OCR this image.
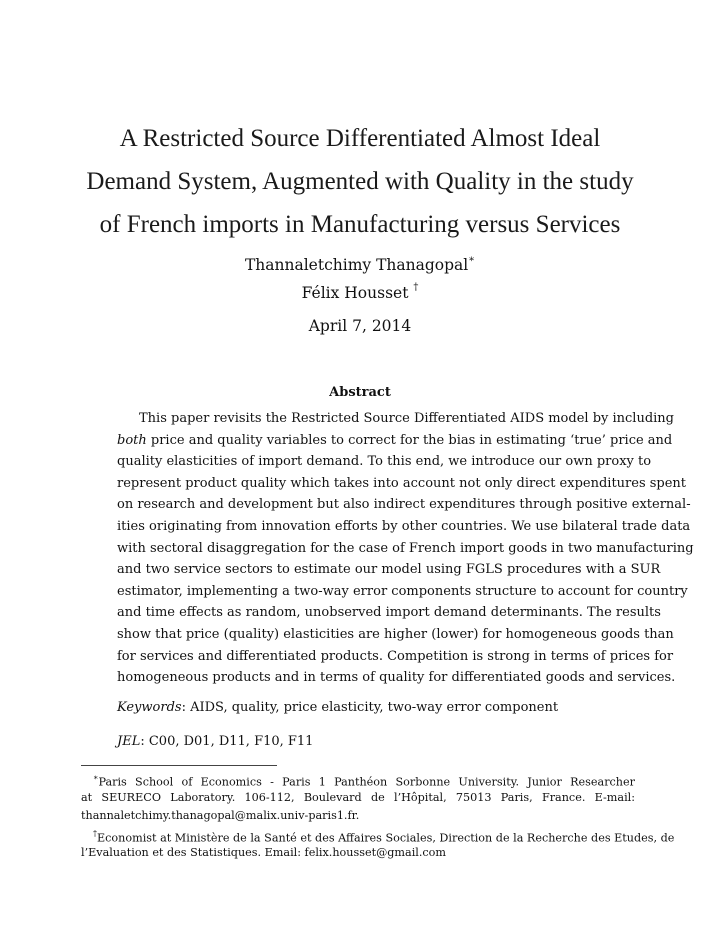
A Restricted Source Differentiated Almost Ideal
Demand System, Augmented with Quality in the study
of French imports in Manufacturing versus Services
Thannaletchimy Thanagopal∗
Félix Housset †
April 7, 2014
Abstract
This paper revisits the Restricted Source Differentiated AIDS model by including
both price and quality variables to correct for the bias in estimating ‘true’ price and
quality elasticities of import demand. To this end, we introduce our own proxy to
represent product quality which takes into account not only direct expenditures spent
on research and development but also indirect expenditures through positive external-
ities originating from innovation efforts by other countries. We use bilateral trade data
with sectoral disaggregation for the case of French import goods in two manufacturing
and two service sectors to estimate our model using FGLS procedures with a SUR
estimator, implementing a two-way error components structure to account for country
and time effects as random, unobserved import demand determinants. The results
show that price (quality) elasticities are higher (lower) for homogeneous goods than
for services and differentiated products. Competition is strong in terms of prices for
homogeneous products and in terms of quality for differentiated goods and services.
Keywords: AIDS, quality, price elasticity, two-way error component
JEL: C00, D01, D11, F10, F11
∗Paris School of Economics - Paris 1 Panthéon Sorbonne University. Junior Researcher
at SEURECO Laboratory. 106-112, Boulevard de l’Hôpital, 75013 Paris, France. E-mail:
thannaletchimy.thanagopal@malix.univ-paris1.fr.
†Economist at Ministère de la Santé et des Affaires Sociales, Direction de la Recherche des Etudes, de
l’Evaluation et des Statistiques. Email: felix.housset@gmail.com
